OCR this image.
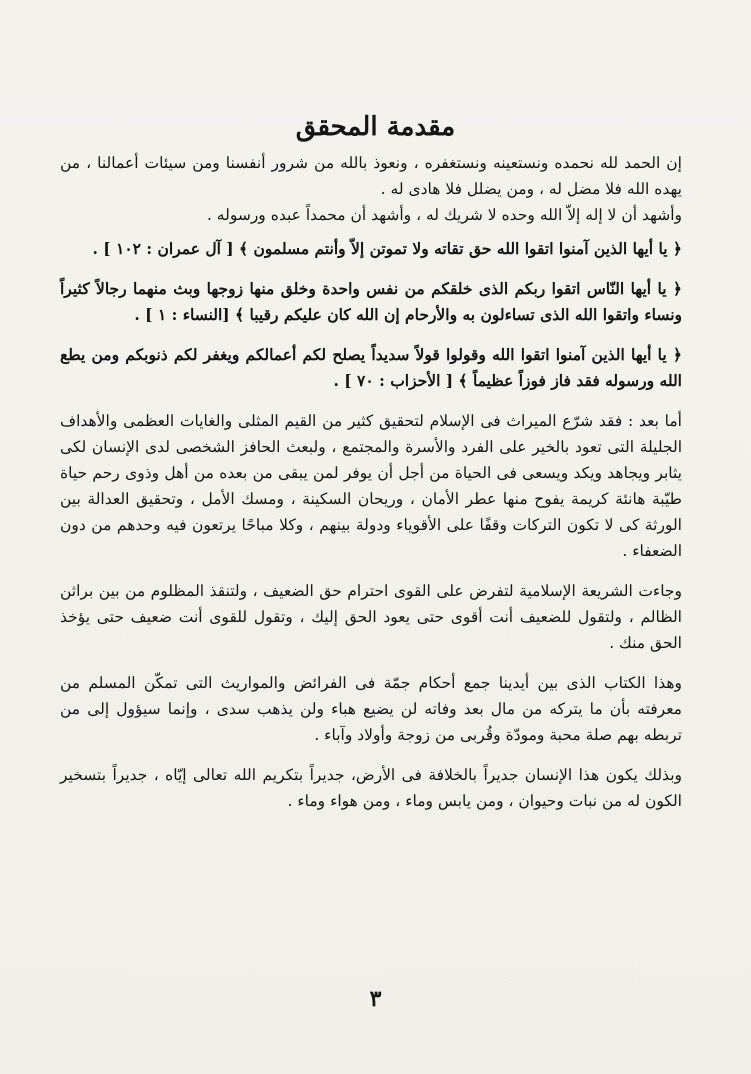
مقدمة المحقق

إن الحمد لله نحمده ونستعينه ونستغفره ، ونعوذ بالله من شرور أنفسنا ومن سيئات أعمالنا ، من يهده الله فلا مضل له ، ومن يضلل فلا هادى له .

وأشهد أن لا إله إلاّ الله وحده لا شريك له ، وأشهد أن محمداً عبده ورسوله .

﴿ يا أيها الذين آمنوا اتقوا الله حق تقاته ولا تموتن إلاّ وأنتم مسلمون ﴾ [ آل عمران : ١٠٢ ] .

﴿ يا أيها النّاس اتقوا ربكم الذى خلقكم من نفس واحدة وخلق منها زوجها وبث منهما رجالاً كثيراً ونساء واتقوا الله الذى تساءلون به والأرحام إن الله كان عليكم رقيبا ﴾ [النساء : ١ ] .

﴿ يا أيها الذين آمنوا اتقوا الله وقولوا قولاً سديداً يصلح لكم أعمالكم ويغفر لكم ذنوبكم ومن يطع الله ورسوله فقد فاز فوزاً عظيماً ﴾ [ الأحزاب : ٧٠ ] .

أما بعد : فقد شرّع الميراث فى الإسلام لتحقيق كثير من القيم المثلى والغايات العظمى والأهداف الجليلة التى تعود بالخير على الفرد والأسرة والمجتمع ، ولبعث الحافز الشخصى لدى الإنسان لكى يثابر ويجاهد ويكد ويسعى فى الحياة من أجل أن يوفر لمن يبقى من بعده من أهل وذوى رحم حياة طيّبة هانئة كريمة يفوح منها عطر الأمان ، وريحان السكينة ، ومسك الأمل ، وتحقيق العدالة بين الورثة كى لا تكون التركات وقفًا على الأقوياء ودولة بينهم ، وكلا مباحًا يرتعون فيه وحدهم من دون الضعفاء .

وجاءت الشريعة الإسلامية لتفرض على القوى احترام حق الضعيف ، ولتنقذ المظلوم من بين براثن الظالم ، ولتقول للضعيف أنت أقوى حتى يعود الحق إليك ، وتقول للقوى أنت ضعيف حتى يؤخذ الحق منك .

وهذا الكتاب الذى بين أيدينا جمع أحكام جمّة فى الفرائض والمواريث التى تمكّن المسلم من معرفته بأن ما يتركه من مال بعد وفاته لن يضيع هباء ولن يذهب سدى ، وإنما سيؤول إلى من تربطه بهم صلة محبة ومودّة وقُربى من زوجة وأولاد وآباء .

وبذلك يكون هذا الإنسان جديراً بالخلافة فى الأرض، جديراً بتكريم الله تعالى إيّاه ، جديراً بتسخير الكون له من نبات وحيوان ، ومن يابس وماء ، ومن هواء وماء .

٣
